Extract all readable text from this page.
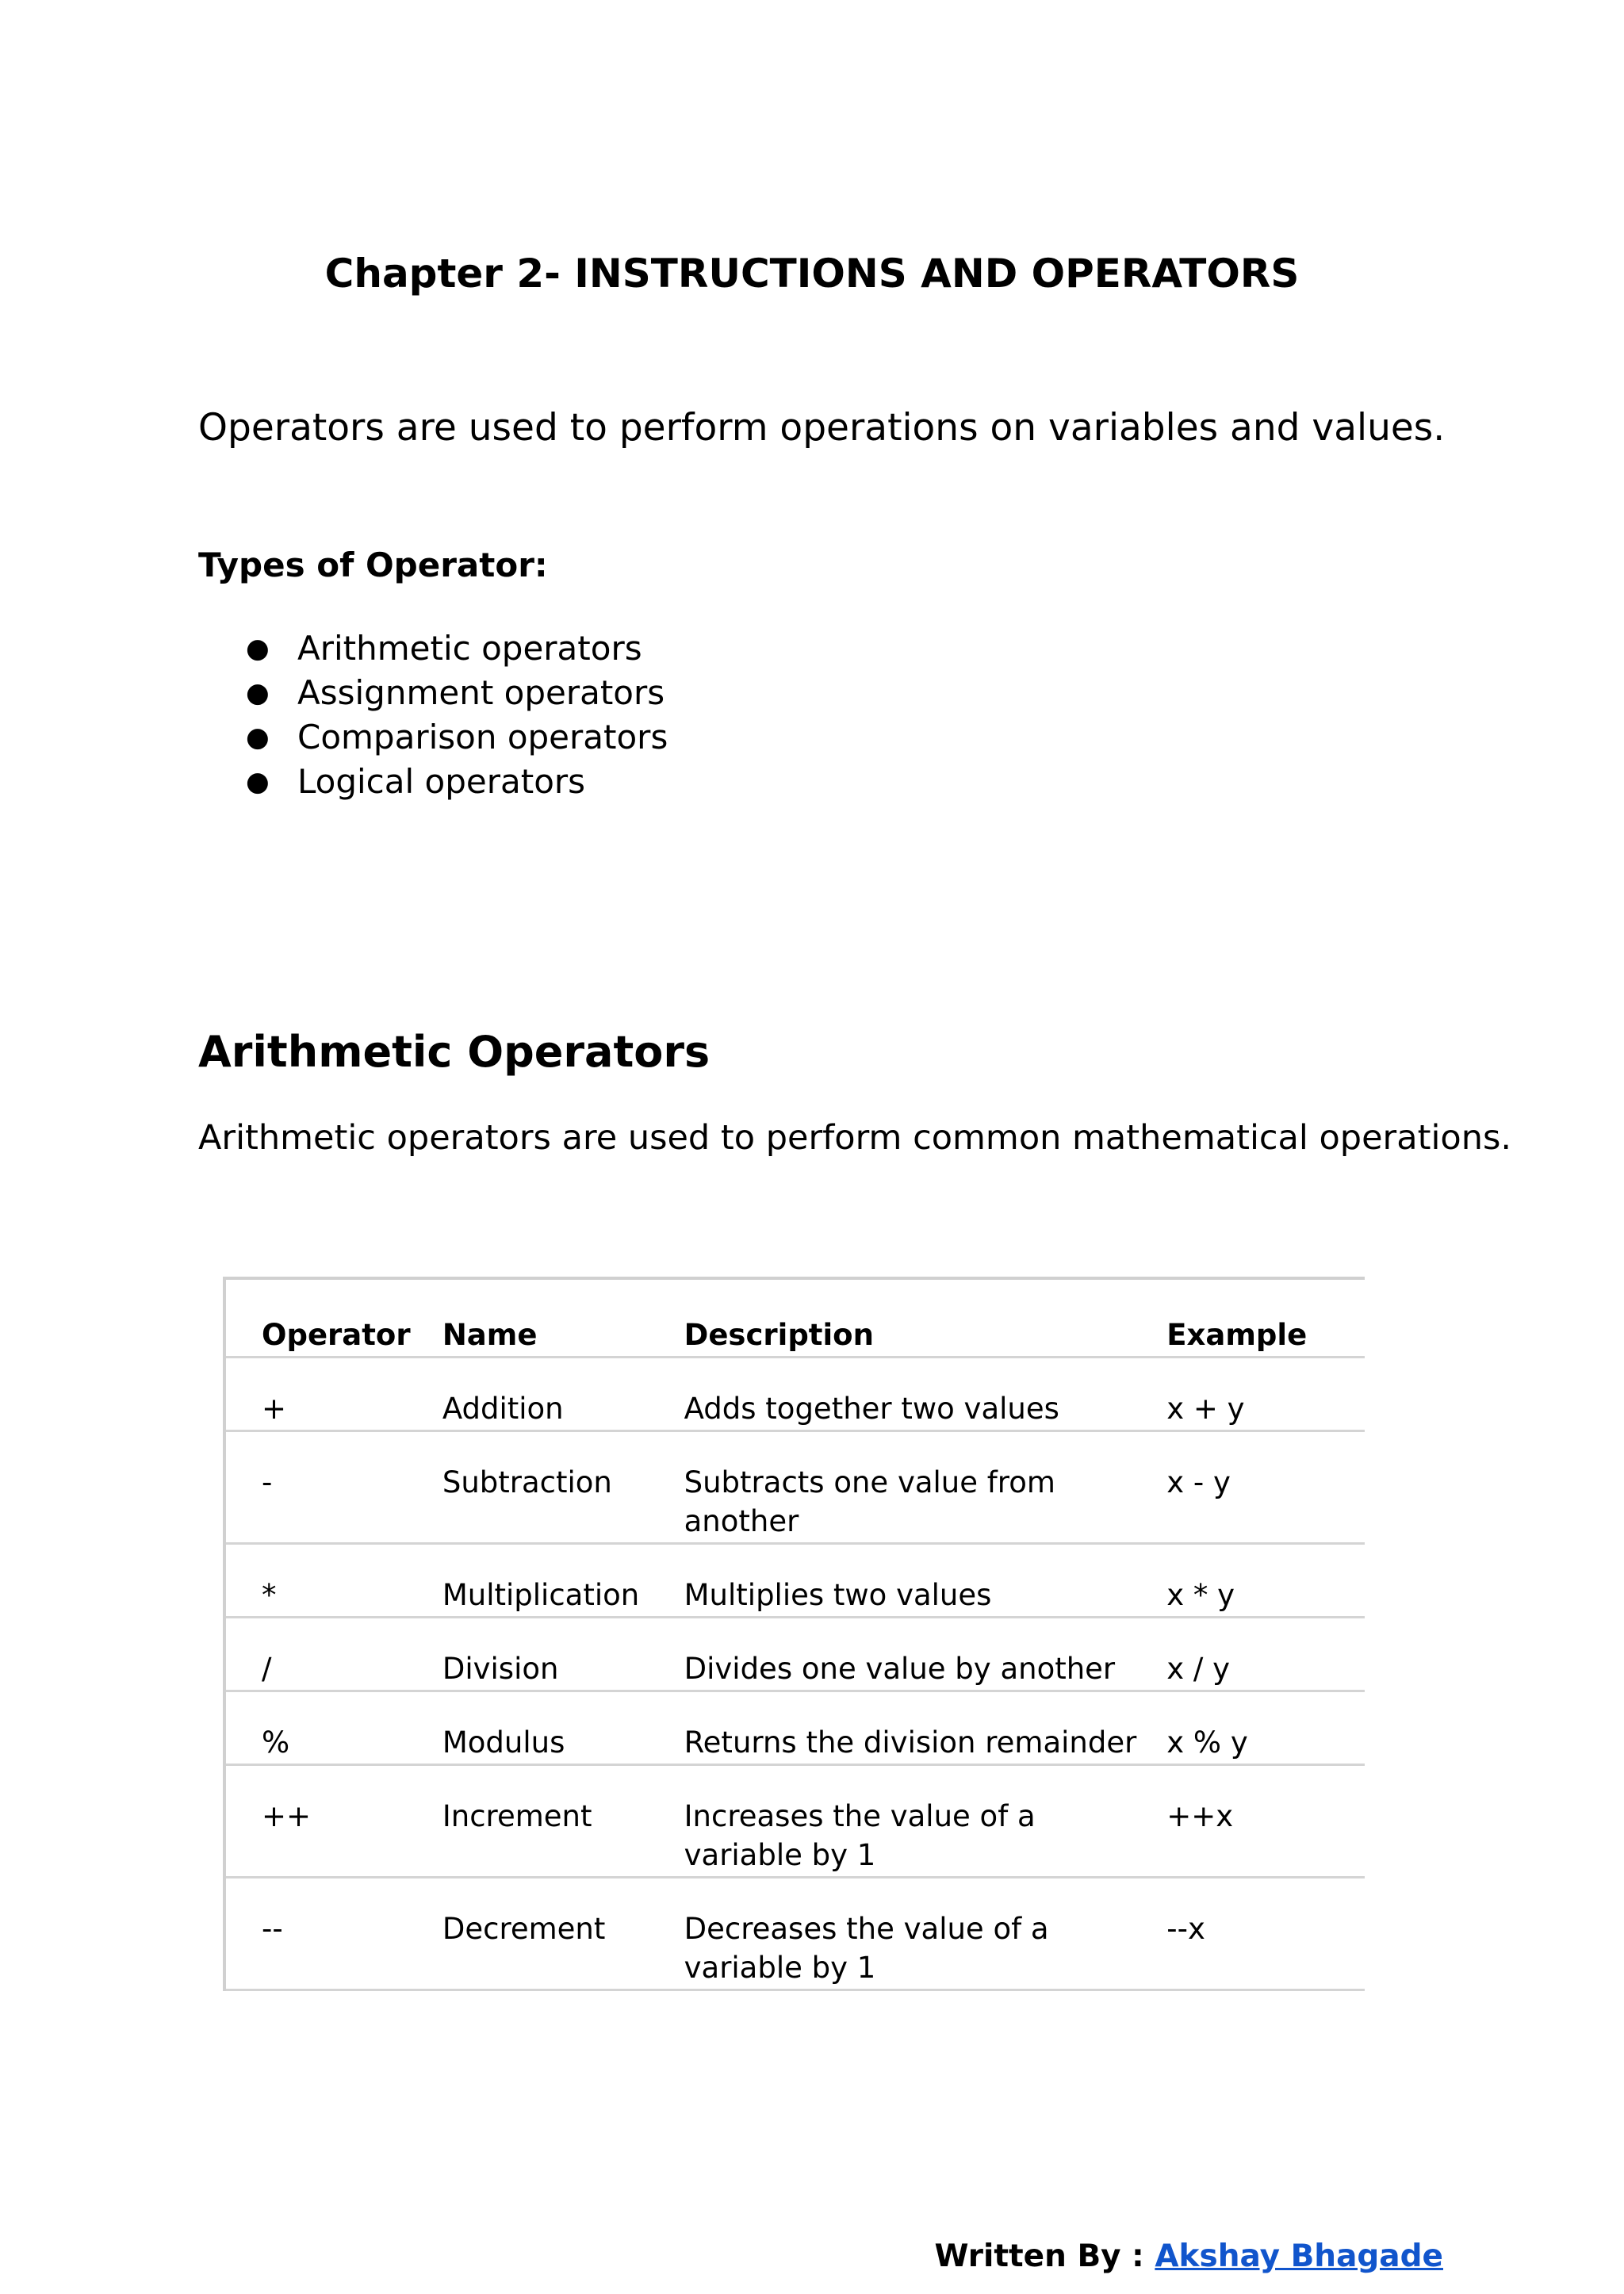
Chapter 2- INSTRUCTIONS AND OPERATORS

Operators are used to perform operations on variables and values.

Types of Operator:
● Arithmetic operators
● Assignment operators
● Comparison operators
● Logical operators
Arithmetic Operators

Arithmetic operators are used to perform common mathematical operations.

Operator	Name	Description	Example
+	Addition	Adds together two values	x + y
-	Subtraction	Subtracts one value from another	x - y
*	Multiplication	Multiplies two values	x * y
/	Division	Divides one value by another	x / y
%	Modulus	Returns the division remainder	x % y
++	Increment	Increases the value of a variable by 1	++x
--	Decrement	Decreases the value of a variable by 1	--x
Written By : Akshay Bhagade
